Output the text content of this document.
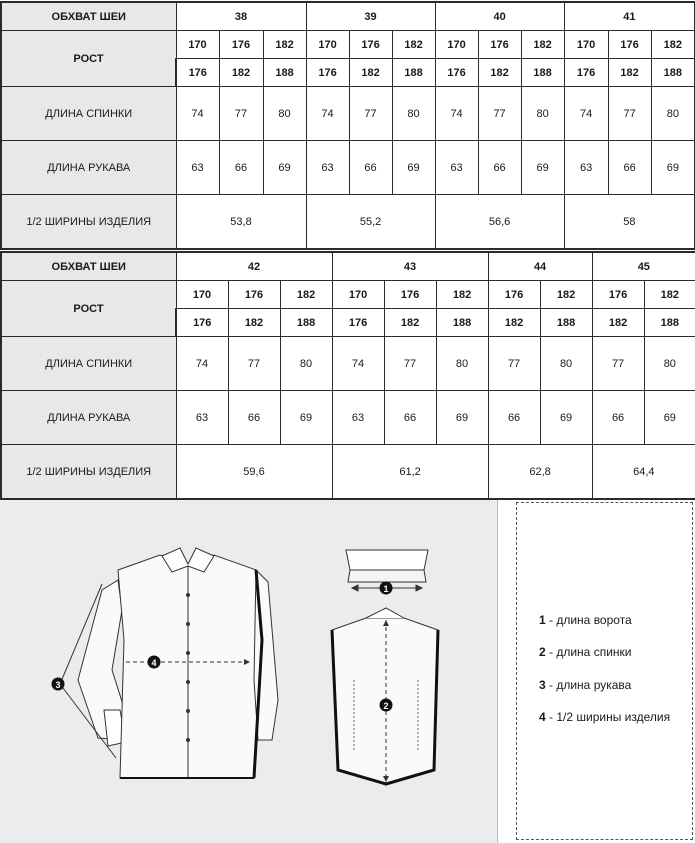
ОБХВАТ ШЕИ	38			39			40			41		
РОСТ	170	176	182	170	176	182	170	176	182	170	176	182
	176	182	188	176	182	188	176	182	188	176	182	188
ДЛИНА СПИНКИ	74	77	80	74	77	80	74	77	80	74	77	80
ДЛИНА РУКАВА	63	66	69	63	66	69	63	66	69	63	66	69
1/2 ШИРИНЫ ИЗДЕЛИЯ	53,8			55,2			56,6			58		
ОБХВАТ ШЕИ	42			43			44		45	
РОСТ	170	176	182	170	176	182	176	182	176	182
	176	182	188	176	182	188	182	188	182	188
ДЛИНА СПИНКИ	74	77	80	74	77	80	77	80	77	80
ДЛИНА РУКАВА	63	66	69	63	66	69	66	69	66	69
1/2 ШИРИНЫ ИЗДЕЛИЯ	59,6			61,2			62,8		64,4	
4
3
1
2
1 - длина ворота
2 - длина спинки
3 - длина рукава
4 - 1/2 ширины изделия
